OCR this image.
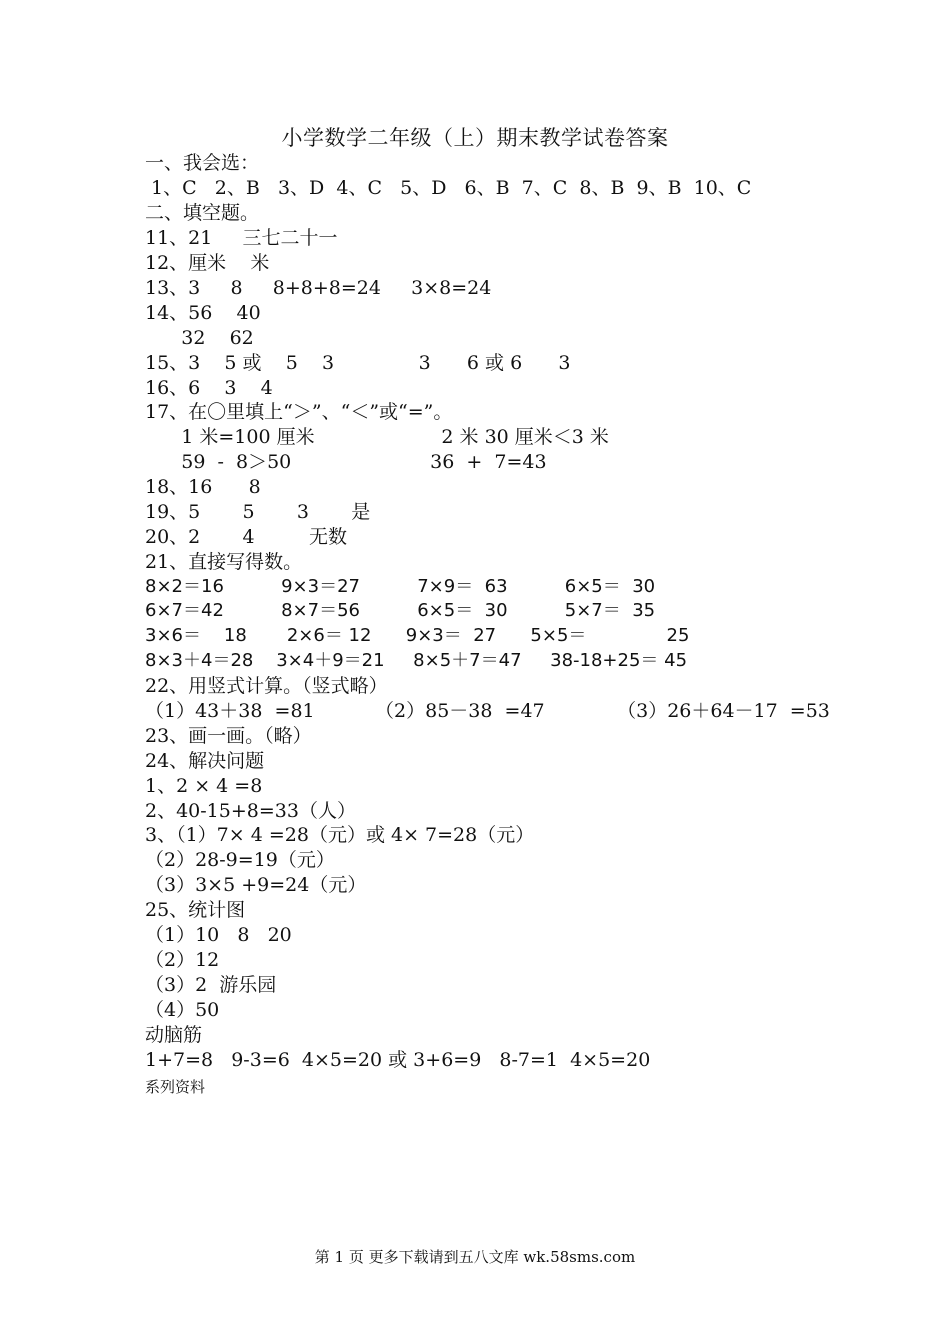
小学数学二年级（上）期末教学试卷答案
一、我会选：
1、C   2、B   3、D  4、C   5、D   6、B  7、C  8、B  9、B  10、C
二、填空题。
11、21     三七二十一
12、厘米    米
13、3     8     8+8+8=24     3×8=24
14、56    40
32    62
15、3    5 或    5    3              3      6 或 6      3
16、6    3    4
17、在〇里填上“＞”、“＜”或“=”。
1 米=100 厘米                     2 米 30 厘米＜3 米
59  -  8＞50                       36  +  7=43
18、16      8
19、5       5       3       是
20、2       4         无数
21、直接写得数。
8×2＝16          9×3＝27          7×9＝  63          6×5＝  30
6×7＝42          8×7＝56          6×5＝  30          5×7＝  35
3×6＝    18       2×6＝ 12      9×3＝  27      5×5＝              25
8×3＋4＝28    3×4＋9＝21     8×5＋7＝47     38-18+25＝ 45
22、用竖式计算。（竖式略）
（1）43＋38  =81          （2）85－38  =47            （3）26＋64－17  =53
23、画一画。（略）
24、解决问题
1、2 × 4 =8
2、40-15+8=33（人）
3、（1）7× 4 =28（元）或 4× 7=28（元）
（2）28-9=19（元）
（3）3×5 +9=24（元）
25、统计图
（1）10   8   20
（2）12
（3）2  游乐园
（4）50
动脑筋
1+7=8   9-3=6  4×5=20 或 3+6=9   8-7=1  4×5=20
系列资料
第 1 页 更多下载请到五八文库 wk.58sms.com
